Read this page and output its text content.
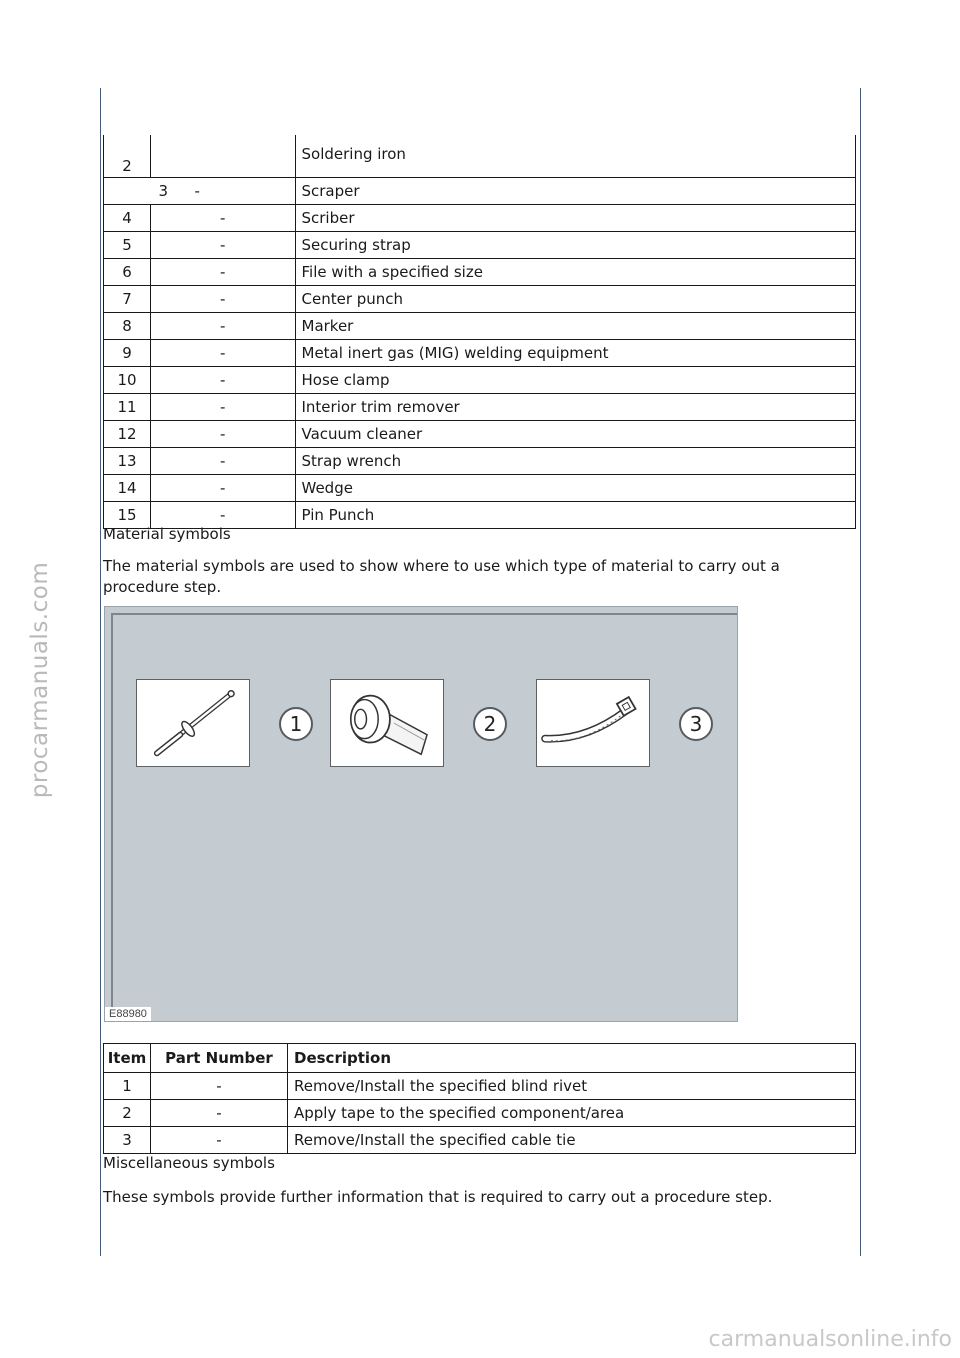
procarmanuals.com
2		Soldering iron
	3 -	Scraper
4	-	Scriber
5	-	Securing strap
6	-	File with a specified size
7	-	Center punch
8	-	Marker
9	-	Metal inert gas (MIG) welding equipment
10	-	Hose clamp
11	-	Interior trim remover
12	-	Vacuum cleaner
13	-	Strap wrench
14	-	Wedge
15	-	Pin Punch
Material symbols
The material symbols are used to show where to use which type of material to carry out a procedure step.
1	2	3
E88980
Item	Part Number	Description
1	-	Remove/Install the specified blind rivet
2	-	Apply tape to the specified component/area
3	-	Remove/Install the specified cable tie
Miscellaneous symbols
These symbols provide further information that is required to carry out a procedure step.
carmanualsonline.info
